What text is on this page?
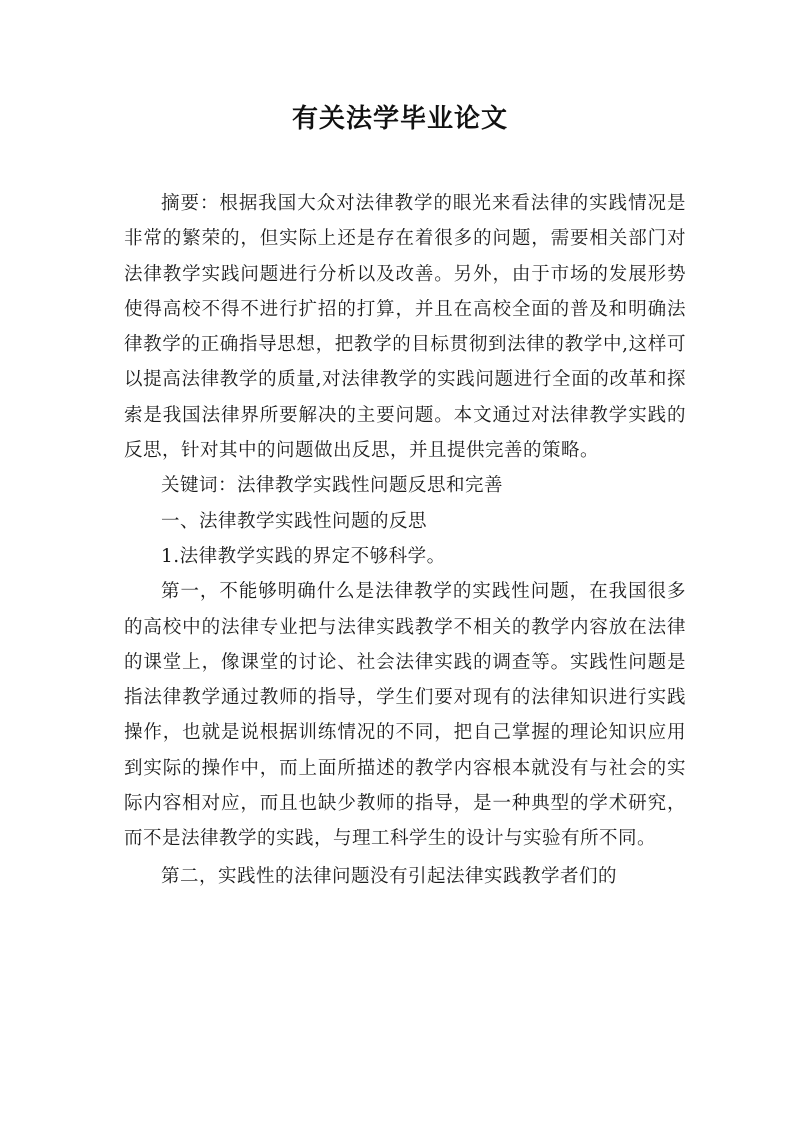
有关法学毕业论文

摘要：根据我国大众对法律教学的眼光来看法律的实践情况是非常的繁荣的，但实际上还是存在着很多的问题，需要相关部门对法律教学实践问题进行分析以及改善。另外，由于市场的发展形势使得高校不得不进行扩招的打算，并且在高校全面的普及和明确法律教学的正确指导思想，把教学的目标贯彻到法律的教学中,这样可以提高法律教学的质量,对法律教学的实践问题进行全面的改革和探索是我国法律界所要解决的主要问题。本文通过对法律教学实践的反思，针对其中的问题做出反思，并且提供完善的策略。

关键词：法律教学实践性问题反思和完善

一、法律教学实践性问题的反思

1.法律教学实践的界定不够科学。

第一，不能够明确什么是法律教学的实践性问题，在我国很多的高校中的法律专业把与法律实践教学不相关的教学内容放在法律的课堂上，像课堂的讨论、社会法律实践的调查等。实践性问题是指法律教学通过教师的指导，学生们要对现有的法律知识进行实践操作，也就是说根据训练情况的不同，把自己掌握的理论知识应用到实际的操作中，而上面所描述的教学内容根本就没有与社会的实际内容相对应，而且也缺少教师的指导，是一种典型的学术研究，而不是法律教学的实践，与理工科学生的设计与实验有所不同。

第二，实践性的法律问题没有引起法律实践教学者们的
